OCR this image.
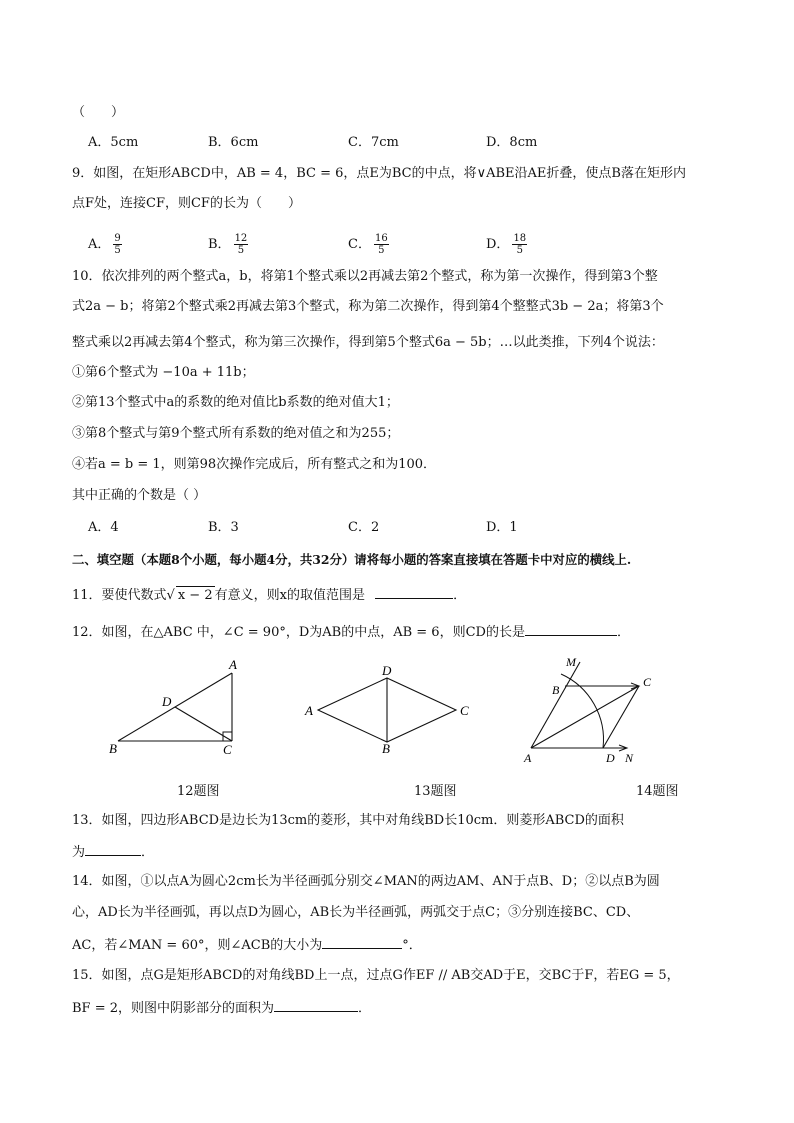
（　　）
A．5cm	B．6cm	C．7cm	D．8cm
9．如图，在矩形ABCD中，AB = 4，BC = 6，点E为BC的中点，将∨ABE沿AE折叠，使点B落在矩形内
点F处，连接CF，则CF的长为（　　）
A． $\frac{9}{5}$	B． $\frac{12}{5}$	C． $\frac{16}{5}$	D． $\frac{18}{5}$
10．依次排列的两个整式a，b，将第1个整式乘以2再减去第2个整式，称为第一次操作，得到第3个整
式2a − b；将第2个整式乘2再减去第3个整式，称为第二次操作，得到第4个整整式3b − 2a；将第3个
整式乘以2再减去第4个整式，称为第三次操作，得到第5个整式6a − 5b；…以此类推，下列4个说法：
①第6个整式为 −10a + 11b；
②第13个整式中a的系数的绝对值比b系数的绝对值大1；
③第8个整式与第9个整式所有系数的绝对值之和为255；
④若a = b = 1，则第98次操作完成后，所有整式之和为100．
其中正确的个数是（ ）
A．4	B．3	C．2	D．1
二、填空题（本题8个小题，每小题4分，共32分）请将每小题的答案直接填在答题卡中对应的横线上.
11．要使代数式√ x − 2 有意义，则x的取值范围是	．
12．如图，在△ABC 中，∠C = 90°，D为AB的中点，AB = 6，则CD的长是	．
A
B	C
D
A
B
C
D
M
B
C
A	D N
12题图	13题图	14题图
13．如图，四边形ABCD是边长为13cm的菱形，其中对角线BD长10cm．则菱形ABCD的面积
为	．
14．如图，①以点A为圆心2cm长为半径画弧分别交∠MAN的两边AM、AN于点B、D；②以点B为圆
心，AD长为半径画弧，再以点D为圆心，AB长为半径画弧，两弧交于点C；③分别连接BC、CD、
AC，若∠MAN = 60°，则∠ACB的大小为	°．
15．如图，点G是矩形ABCD的对角线BD上一点，过点G作EF // AB交AD于E，交BC于F，若EG = 5，
BF = 2，则图中阴影部分的面积为	．
